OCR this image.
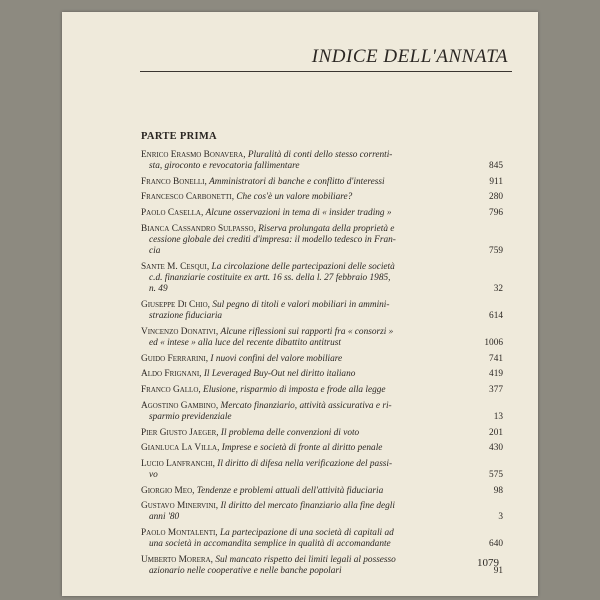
INDICE DELL'ANNATA
PARTE PRIMA
Enrico Erasmo Bonavera, Pluralità di conti dello stesso correnti-
sta, giroconto e revocatoria fallimentare	845
Franco Bonelli, Amministratori di banche e conflitto d'interessi	911
Francesco Carbonetti, Che cos'è un valore mobiliare?	280
Paolo Casella, Alcune osservazioni in tema di « insider trading »	796
Bianca Cassandro Sulpasso, Riserva prolungata della proprietà e
cessione globale dei crediti d'impresa: il modello tedesco in Fran-
cia	759
Sante M. Cesqui, La circolazione delle partecipazioni delle società
c.d. finanziarie costituite ex artt. 16 ss. della l. 27 febbraio 1985,
n. 49	32
Giuseppe Di Chio, Sul pegno di titoli e valori mobiliari in ammini-
strazione fiduciaria	614
Vincenzo Donativi, Alcune riflessioni sui rapporti fra « consorzi »
ed « intese » alla luce del recente dibattito antitrust	1006
Guido Ferrarini, I nuovi confini del valore mobiliare	741
Aldo Frignani, Il Leveraged Buy-Out nel diritto italiano	419
Franco Gallo, Elusione, risparmio di imposta e frode alla legge	377
Agostino Gambino, Mercato finanziario, attività assicurativa e ri-
sparmio previdenziale	13
Pier Giusto Jaeger, Il problema delle convenzioni di voto	201
Gianluca La Villa, Imprese e società di fronte al diritto penale	430
Lucio Lanfranchi, Il diritto di difesa nella verificazione del passi-
vo	575
Giorgio Meo, Tendenze e problemi attuali dell'attività fiduciaria	98
Gustavo Minervini, Il diritto del mercato finanziario alla fine degli
anni '80	3
Paolo Montalenti, La partecipazione di una società di capitali ad
una società in accomandita semplice in qualità di accomandante	640
Umberto Morera, Sul mancato rispetto dei limiti legali al possesso
azionario nelle cooperative e nelle banche popolari	91
1079
